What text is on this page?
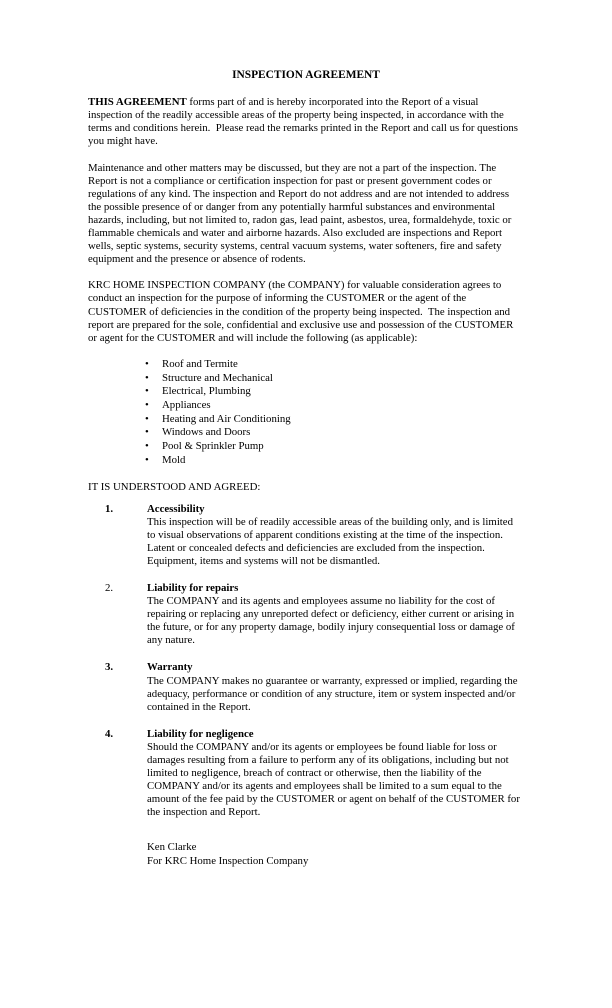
INSPECTION AGREEMENT

THIS AGREEMENT forms part of and is hereby incorporated into the Report of a visual inspection of the readily accessible areas of the property being inspected, in accordance with the terms and conditions herein.  Please read the remarks printed in the Report and call us for questions you might have.

Maintenance and other matters may be discussed, but they are not a part of the inspection. The Report is not a compliance or certification inspection for past or present government codes or regulations of any kind. The inspection and Report do not address and are not intended to address the possible presence of or danger from any potentially harmful substances and environmental hazards, including, but not limited to, radon gas, lead paint, asbestos, urea, formaldehyde, toxic or flammable chemicals and water and airborne hazards. Also excluded are inspections and Report wells, septic systems, security systems, central vacuum systems, water softeners, fire and safety equipment and the presence or absence of rodents.

KRC HOME INSPECTION COMPANY (the COMPANY) for valuable consideration agrees to conduct an inspection for the purpose of informing the CUSTOMER or the agent of the CUSTOMER of deficiencies in the condition of the property being inspected.  The inspection and report are prepared for the sole, confidential and exclusive use and possession of the CUSTOMER or agent for the CUSTOMER and will include the following (as applicable):

• Roof and Termite
• Structure and Mechanical
• Electrical, Plumbing
• Appliances
• Heating and Air Conditioning
• Windows and Doors
• Pool & Sprinkler Pump
• Mold

IT IS UNDERSTOOD AND AGREED:

1.	Accessibility
This inspection will be of readily accessible areas of the building only, and is limited to visual observations of apparent conditions existing at the time of the inspection. Latent or concealed defects and deficiencies are excluded from the inspection. Equipment, items and systems will not be dismantled.
2.	Liability for repairs
The COMPANY and its agents and employees assume no liability for the cost of repairing or replacing any unreported defect or deficiency, either current or arising in the future, or for any property damage, bodily injury consequential loss or damage of any nature.
3.	Warranty
The COMPANY makes no guarantee or warranty, expressed or implied, regarding the adequacy, performance or condition of any structure, item or system inspected and/or contained in the Report.
4.	Liability for negligence
Should the COMPANY and/or its agents or employees be found liable for loss or damages resulting from a failure to perform any of its obligations, including but not limited to negligence, breach of contract or otherwise, then the liability of the COMPANY and/or its agents and employees shall be limited to a sum equal to the amount of the fee paid by the CUSTOMER or agent on behalf of the CUSTOMER for the inspection and Report.
Ken Clarke
For KRC Home Inspection Company
